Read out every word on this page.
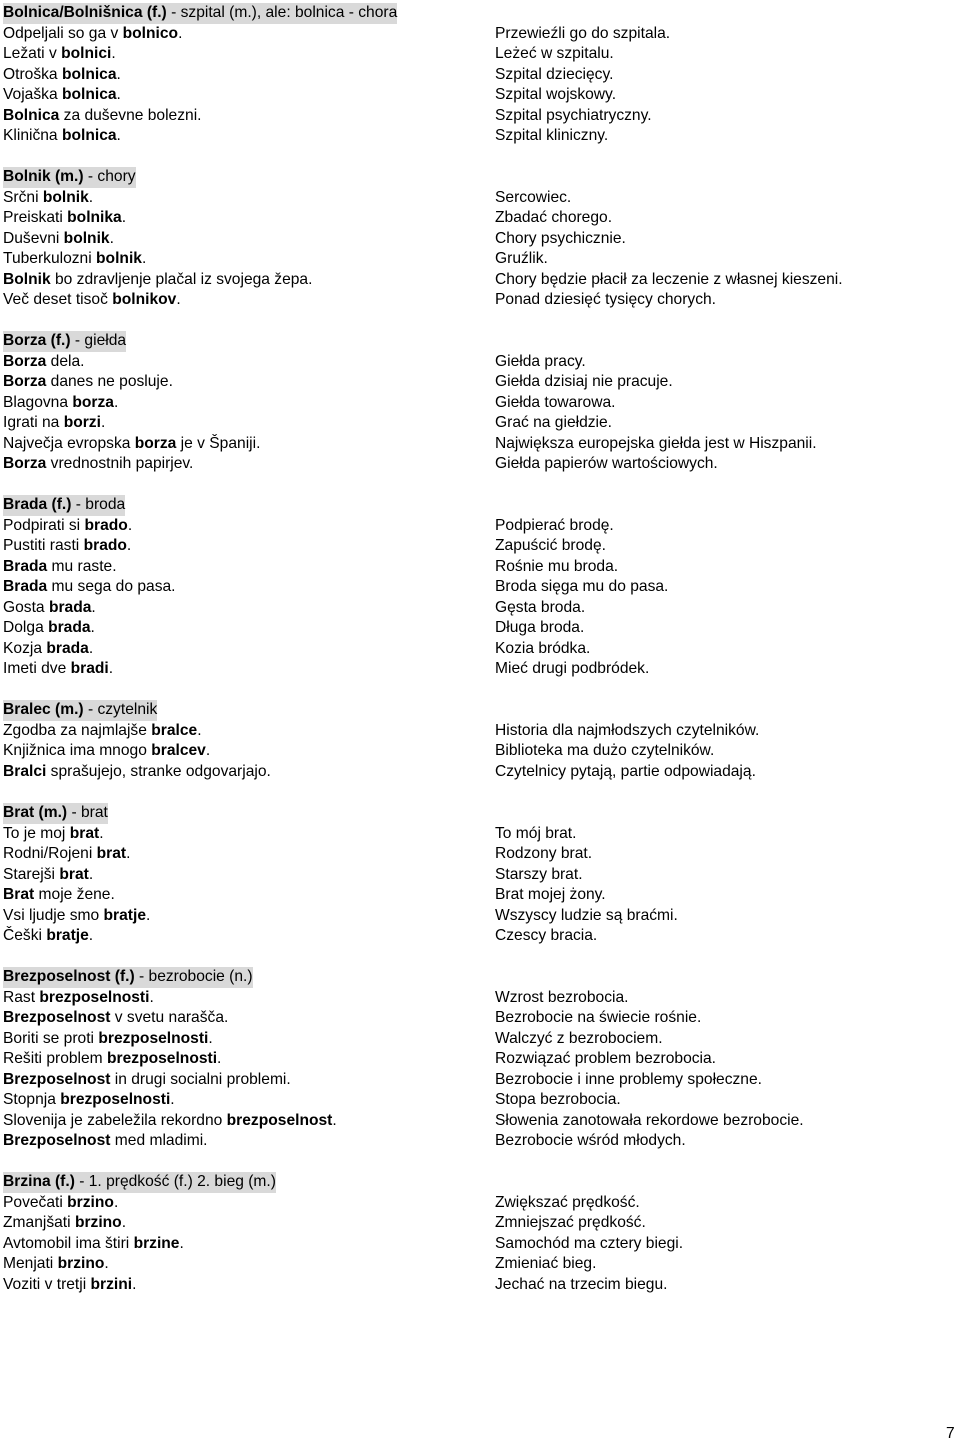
Bolnica/Bolnišnica (f.) - szpital (m.), ale: bolnica - chora
Odpeljali so ga v bolnico.	Przewieźli go do szpitala.
Ležati v bolnici.	Leżeć w szpitalu.
Otroška bolnica.	Szpital dziecięcy.
Vojaška bolnica.	Szpital wojskowy.
Bolnica za duševne bolezni.	Szpital psychiatryczny.
Klinična bolnica.	Szpital kliniczny.
Bolnik (m.) - chory
Srčni bolnik.	Sercowiec.
Preiskati bolnika.	Zbadać chorego.
Duševni bolnik.	Chory psychicznie.
Tuberkulozni bolnik.	Gruźlik.
Bolnik bo zdravljenje plačal iz svojega žepa.	Chory będzie płacił za leczenie z własnej kieszeni.
Več deset tisoč bolnikov.	Ponad dziesięć tysięcy chorych.
Borza (f.) - giełda
Borza dela.	Giełda pracy.
Borza danes ne posluje.	Giełda dzisiaj nie pracuje.
Blagovna borza.	Giełda towarowa.
Igrati na borzi.	Grać na giełdzie.
Največja evropska borza je v Španiji.	Największa europejska giełda jest w Hiszpanii.
Borza vrednostnih papirjev.	Giełda papierów wartościowych.
Brada (f.) - broda
Podpirati si brado.	Podpierać brodę.
Pustiti rasti brado.	Zapuścić brodę.
Brada mu raste.	Rośnie mu broda.
Brada mu sega do pasa.	Broda sięga mu do pasa.
Gosta brada.	Gęsta broda.
Dolga brada.	Długa broda.
Kozja brada.	Kozia bródka.
Imeti dve bradi.	Mieć drugi podbródek.
Bralec (m.) - czytelnik
Zgodba za najmlajše bralce.	Historia dla najmłodszych czytelników.
Knjižnica ima mnogo bralcev.	Biblioteka ma dużo czytelników.
Bralci sprašujejo, stranke odgovarjajo.	Czytelnicy pytają, partie odpowiadają.
Brat (m.) - brat
To je moj brat.	To mój brat.
Rodni/Rojeni brat.	Rodzony brat.
Starejši brat.	Starszy brat.
Brat moje žene.	Brat mojej żony.
Vsi ljudje smo bratje.	Wszyscy ludzie są braćmi.
Češki bratje.	Czescy bracia.
Brezposelnost (f.) - bezrobocie (n.)
Rast brezposelnosti.	Wzrost bezrobocia.
Brezposelnost v svetu narašča.	Bezrobocie na świecie rośnie.
Boriti se proti brezposelnosti.	Walczyć z bezrobociem.
Rešiti problem brezposelnosti.	Rozwiązać problem bezrobocia.
Brezposelnost in drugi socialni problemi.	Bezrobocie i inne problemy społeczne.
Stopnja brezposelnosti.	Stopa bezrobocia.
Slovenija je zabeležila rekordno brezposelnost.	Słowenia zanotowała rekordowe bezrobocie.
Brezposelnost med mladimi.	Bezrobocie wśród młodych.
Brzina (f.) - 1. prędkość (f.) 2. bieg (m.)
Povečati brzino.	Zwiększać prędkość.
Zmanjšati brzino.	Zmniejszać prędkość.
Avtomobil ima štiri brzine.	Samochód ma cztery biegi.
Menjati brzino.	Zmieniać bieg.
Voziti v tretji brzini.	Jechać na trzecim biegu.
7
